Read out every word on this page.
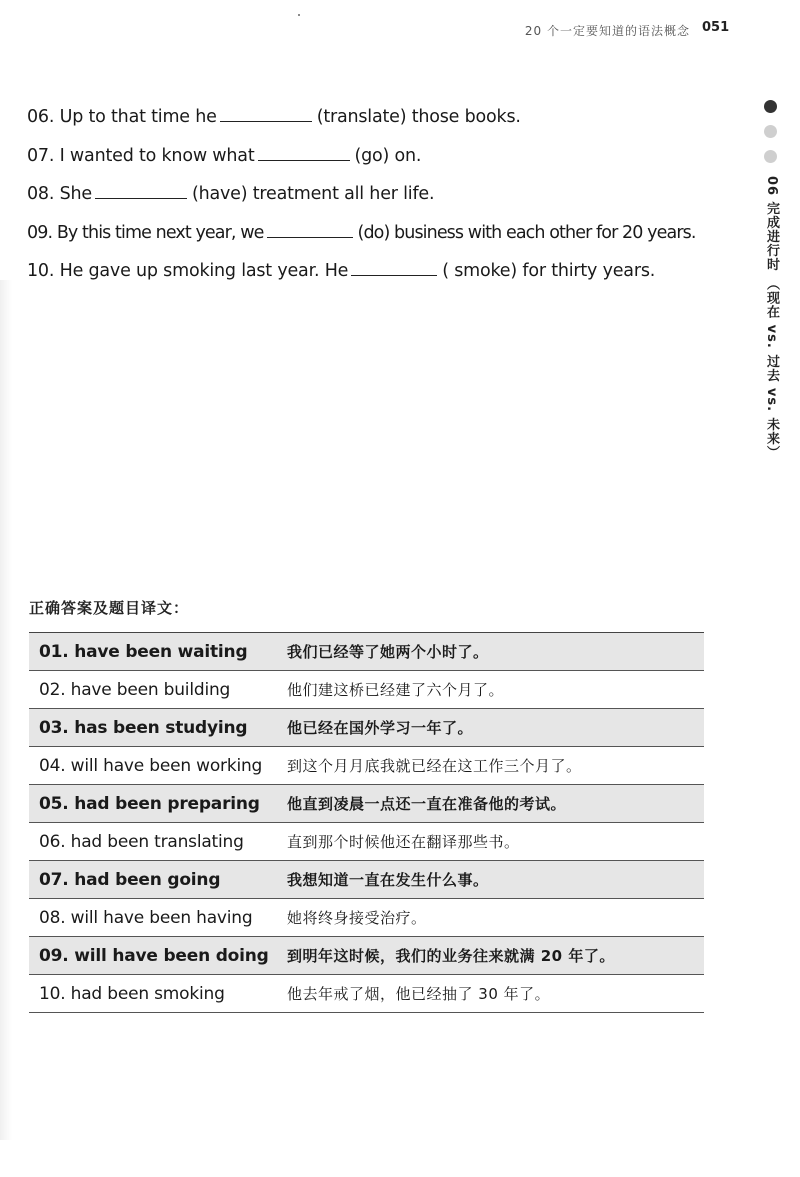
20 个一定要知道的语法概念 051
06. Up to that time he	(translate) those books.
07. I wanted to know what	(go) on.
08. She	(have) treatment all her life.
09. By this time next year, we	(do) business with each other for 20 years.
10. He gave up smoking last year. He	( smoke) for thirty years.	06 完成进行时 （现在 vs. 过去 vs. 未来）
正确答案及题目译文：
01. have been waiting	我们已经等了她两个小时了。
02. have been building	他们建这桥已经建了六个月了。
03. has been studying	他已经在国外学习一年了。
04. will have been working	到这个月月底我就已经在这工作三个月了。
05. had been preparing	他直到凌晨一点还一直在准备他的考试。
06. had been translating	直到那个时候他还在翻译那些书。
07. had been going	我想知道一直在发生什么事。
08. will have been having	她将终身接受治疗。
09. will have been doing	到明年这时候，我们的业务往来就满 20 年了。
10. had been smoking	他去年戒了烟，他已经抽了 30 年了。
